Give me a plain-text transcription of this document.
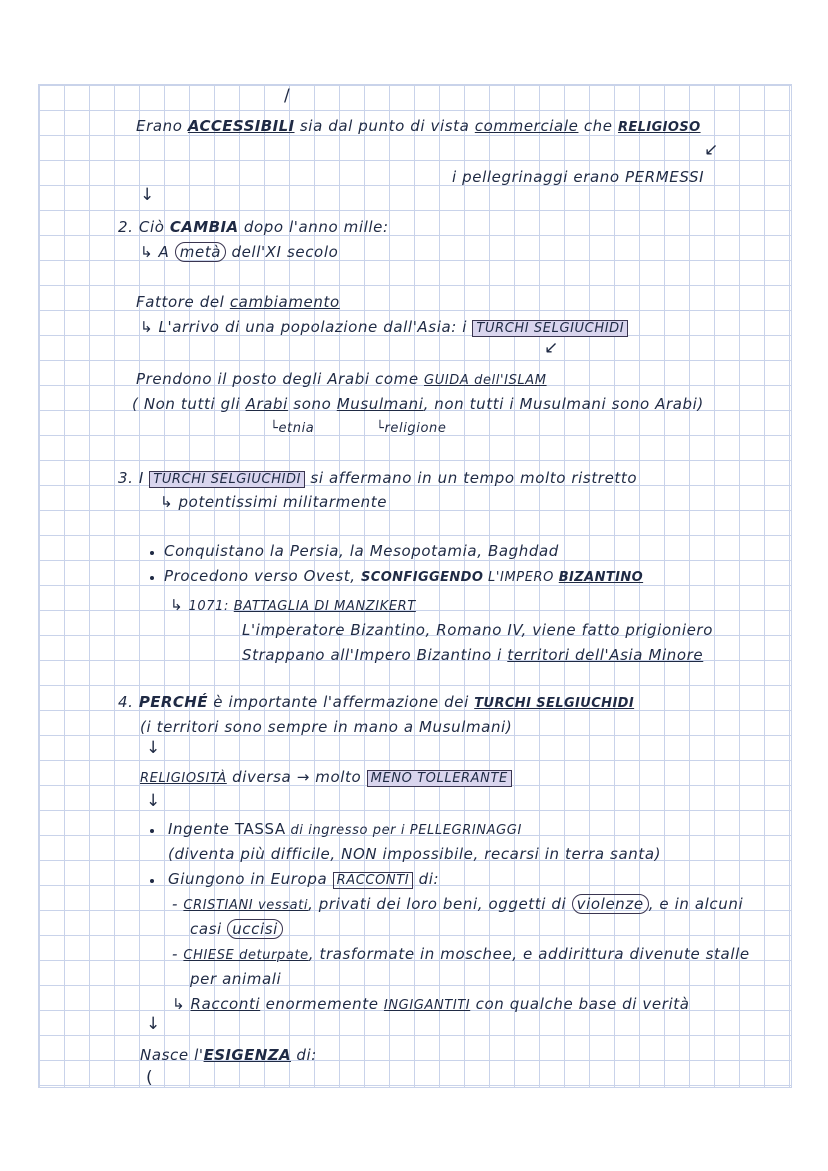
/
Erano ACCESSIBILI sia dal punto di vista commerciale che RELIGIOSO
↙
i pellegrinaggi erano PERMESSI
↓
2. Ciò CAMBIA dopo l'anno mille:
↳ A metà dell'XI secolo
Fattore del cambiamento
↳ L'arrivo di una popolazione dall'Asia: i TURCHI SELGIUCHIDI
↙
Prendono il posto degli Arabi come GUIDA dell'ISLAM
( Non tutti gli Arabi sono Musulmani, non tutti i Musulmani sono Arabi)
└etnia	└religione
3. I TURCHI SELGIUCHIDI si affermano in un tempo molto ristretto
↳ potentissimi militarmente
Conquistano la Persia, la Mesopotamia, Baghdad
Procedono verso Ovest, SCONFIGGENDO L'IMPERO BIZANTINO
↳ 1071: BATTAGLIA DI MANZIKERT
L'imperatore Bizantino, Romano IV, viene fatto prigioniero
Strappano all'Impero Bizantino i territori dell'Asia Minore
4. PERCHÉ è importante l'affermazione dei TURCHI SELGIUCHIDI
(i territori sono sempre in mano a Musulmani)
↓
RELIGIOSITÀ diversa → molto MENO TOLLERANTE
↓
Ingente TASSA di ingresso per i PELLEGRINAGGI
(diventa più difficile, NON impossibile, recarsi in terra santa)
Giungono in Europa RACCONTI di:
- CRISTIANI vessati, privati dei loro beni, oggetti di violenze , e in alcuni
casi uccisi
- CHIESE deturpate, trasformate in moschee, e addirittura divenute stalle
per animali
↳ Racconti enormemente INGIGANTITI con qualche base di verità
↓
Nasce l'ESIGENZA di:
(
